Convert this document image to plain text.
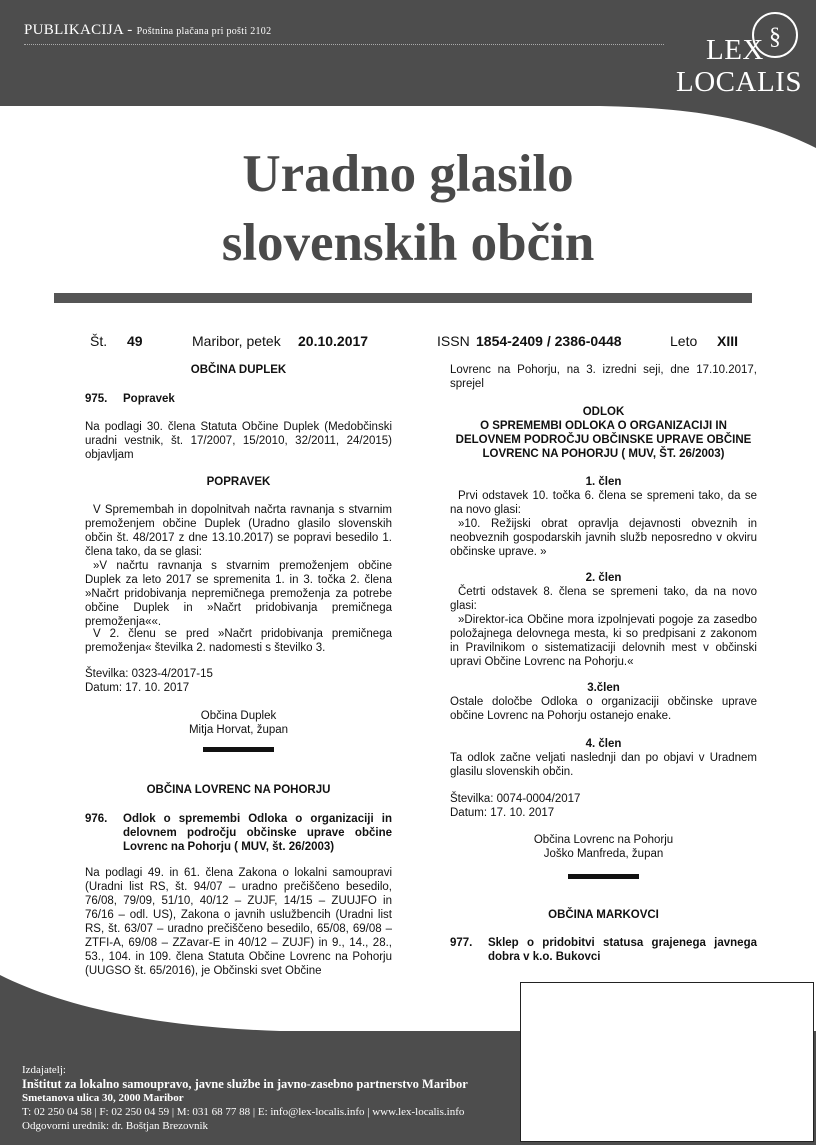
PUBLIKACIJA - Poštnina plačana pri pošti 2102	§
LEX
LOCALIS
Uradno glasilo
slovenskih občin
Št. 49	Maribor, petek 20.10.2017	ISSN 1854-2409 / 2386-0448	Leto XIII
OBČINA DUPLEK
975. Popravek
Na podlagi 30. člena Statuta Občine Duplek (Medobčinski uradni vestnik, št. 17/2007, 15/2010, 32/2011, 24/2015) objavljam
POPRAVEK
V Spremembah in dopolnitvah načrta ravnanja s stvarnim premoženjem občine Duplek (Uradno glasilo slovenskih občin št. 48/2017 z dne 13.10.2017) se popravi besedilo 1. člena tako, da se glasi:
»V načrtu ravnanja s stvarnim premoženjem občine Duplek za leto 2017 se spremenita 1. in 3. točka 2. člena »Načrt pridobivanja nepremičnega premoženja za potrebe občine Duplek in »Načrt pridobivanja premičnega premoženja««.
V 2. členu se pred »Načrt pridobivanja premičnega premoženja« številka 2. nadomesti s številko 3.
Številka: 0323-4/2017-15
Datum: 17. 10. 2017
Občina Duplek
Mitja Horvat, župan
OBČINA LOVRENC NA POHORJU
976.	Odlok o spremembi Odloka o organizaciji in delovnem področju občinske uprave občine Lovrenc na Pohorju ( MUV, št. 26/2003)
Na podlagi 49. in 61. člena Zakona o lokalni samoupravi (Uradni list RS, št. 94/07 – uradno prečiščeno besedilo, 76/08, 79/09, 51/10, 40/12 – ZUJF, 14/15 – ZUUJFO in 76/16 – odl. US), Zakona o javnih uslužbencih (Uradni list RS, št. 63/07 – uradno prečiščeno besedilo, 65/08, 69/08 – ZTFI-A, 69/08 – ZZavar-E in 40/12 – ZUJF) in 9., 14., 28., 53., 104. in 109. člena Statuta Občine Lovrenc na Pohorju (UUGSO št. 65/2016), je Občinski svet Občine
Lovrenc na Pohorju, na 3. izredni seji, dne 17.10.2017, sprejel
ODLOK
O SPREMEMBI ODLOKA O ORGANIZACIJI IN DELOVNEM PODROČJU OBČINSKE UPRAVE OBČINE LOVRENC NA POHORJU ( MUV, ŠT. 26/2003)
1. člen
Prvi odstavek 10. točka 6. člena se spremeni tako, da se na novo glasi:
»10. Režijski obrat opravlja dejavnosti obveznih in neobveznih gospodarskih javnih služb neposredno v okviru občinske uprave. »
2. člen
Četrti odstavek 8. člena se spremeni tako, da na novo glasi:
»Direktor-ica Občine mora izpolnjevati pogoje za zasedbo položajnega delovnega mesta, ki so predpisani z zakonom in Pravilnikom o sistematizaciji delovnih mest v občinski upravi Občine Lovrenc na Pohorju.«
3.člen
Ostale določbe Odloka o organizaciji občinske uprave občine Lovrenc na Pohorju ostanejo enake.
4. člen
Ta odlok začne veljati naslednji dan po objavi v Uradnem glasilu slovenskih občin.
Številka: 0074-0004/2017
Datum: 17. 10. 2017
Občina Lovrenc na Pohorju
Joško Manfreda, župan
OBČINA MARKOVCI
977.	Sklep o pridobitvi statusa grajenega javnega dobra v k.o. Bukovci
Izdajatelj:
Inštitut za lokalno samoupravo, javne službe in javno-zasebno partnerstvo Maribor
Smetanova ulica 30, 2000 Maribor
T: 02 250 04 58 | F: 02 250 04 59 | M: 031 68 77 88 | E: info@lex-localis.info | www.lex-localis.info
Odgovorni urednik: dr. Boštjan Brezovnik
